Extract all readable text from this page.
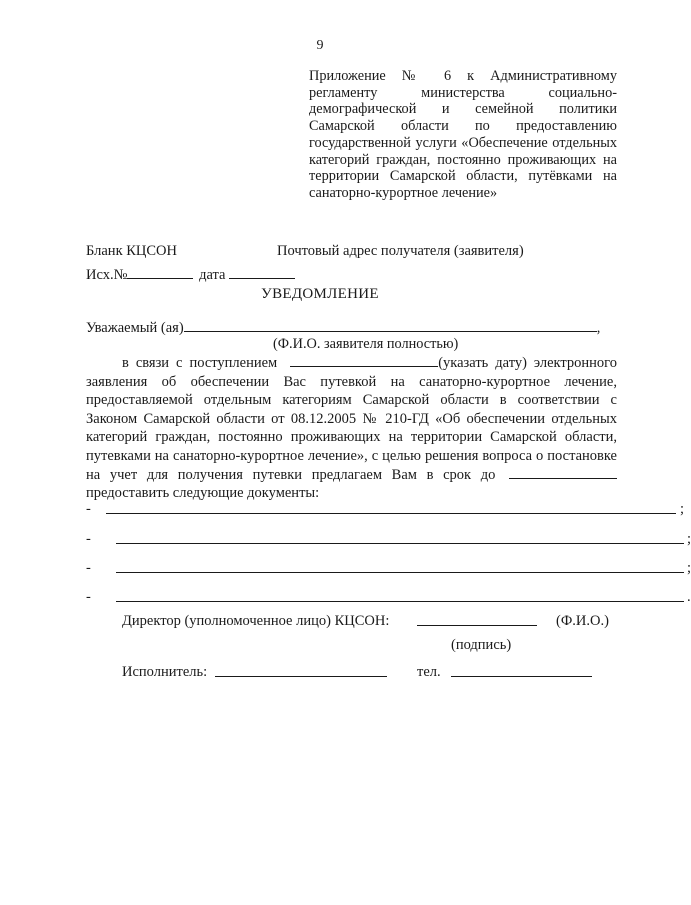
9
Приложение № 6 к Административному регламенту министерства социально-демографической и семейной политики Самарской области по предоставлению государственной услуги «Обеспечение отдельных категорий граждан, постоянно проживающих на территории Самарской области, путёвками на санаторно-курортное лечение»
Бланк КЦСОН	Почтовый адрес получателя (заявителя)
Исх.№	дата
УВЕДОМЛЕНИЕ
Уважаемый (ая)	,
(Ф.И.О. заявителя полностью)

в связи с поступлением	(указать дату) электронного заявления об обеспечении Вас путевкой на санаторно-курортное лечение, предоставляемой отдельным категориям Самарской области в соответствии с Законом Самарской области от 08.12.2005 № 210-ГД «Об обеспечении отдельных категорий граждан, постоянно проживающих на территории Самарской области, путевками на санаторно-курортное лечение», с целью решения вопроса о постановке на учет для получения путевки предлагаем Вам в срок до предоставить следующие документы:

-	;
-	;
-	;
-	.
Директор (уполномоченное лицо) КЦСОН:	(Ф.И.О.)
(подпись)
Исполнитель:	тел.
